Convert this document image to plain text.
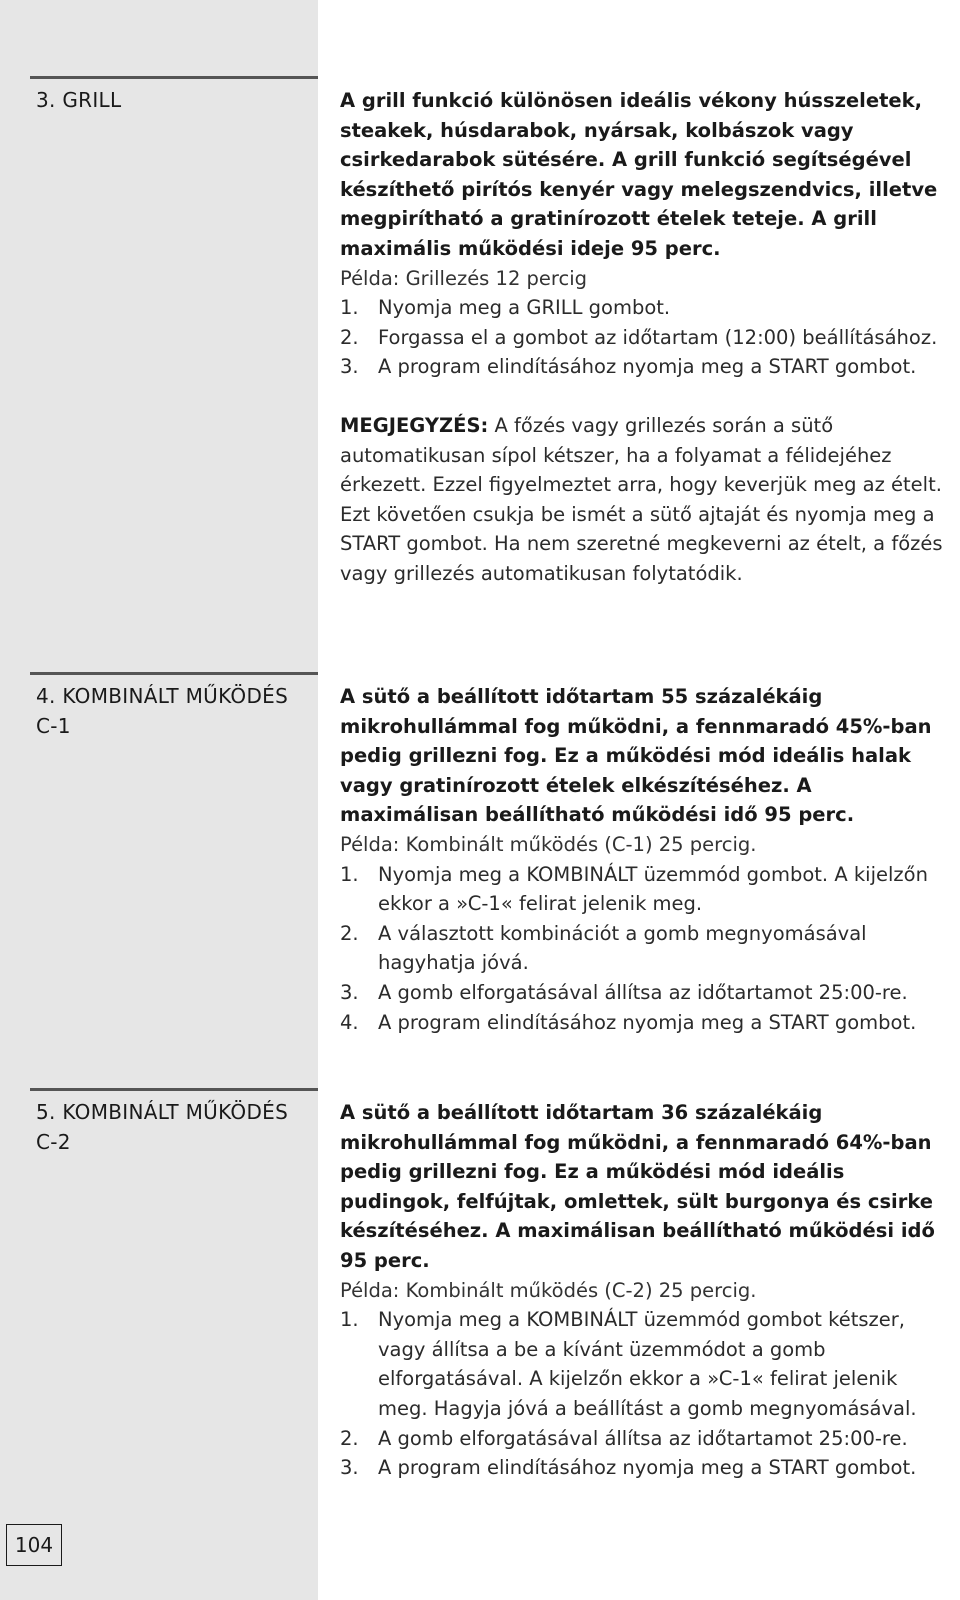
3. GRILL	A grill funkció különösen ideális vékony hússzeletek, steakek, húsdarabok, nyársak, kolbászok vagy csirkedarabok sütésére. A grill funkció segítségével készíthető pirítós kenyér vagy melegszendvics, illetve megpirítható a gratinírozott ételek teteje. A grill maximális működési ideje 95 perc.

Példa: Grillezés 12 percig

1. Nyomja meg a GRILL gombot.
2. Forgassa el a gombot az időtartam (12:00) beállításához.
3. A program elindításához nyomja meg a START gombot.

MEGJEGYZÉS: A főzés vagy grillezés során a sütő automatikusan sípol kétszer, ha a folyamat a félidejéhez érkezett. Ezzel figyelmeztet arra, hogy keverjük meg az ételt. Ezt követően csukja be ismét a sütő ajtaját és nyomja meg a START gombot. Ha nem szeretné megkeverni az ételt, a főzés vagy grillezés automatikusan folytatódik.

4. KOMBINÁLT MŰKÖDÉS C-1

A sütő a beállított időtartam 55 százalékáig mikrohullámmal fog működni, a fennmaradó 45%-ban pedig grillezni fog. Ez a működési mód ideális halak vagy gratinírozott ételek elkészítéséhez. A maximálisan beállítható működési idő 95 perc.

Példa: Kombinált működés (C-1) 25 percig.

1. Nyomja meg a KOMBINÁLT üzemmód gombot. A kijelzőn ekkor a »C-1« felirat jelenik meg.
2. A választott kombinációt a gomb megnyomásával hagyhatja jóvá.
3. A gomb elforgatásával állítsa az időtartamot 25:00-re.
4. A program elindításához nyomja meg a START gombot.
5. KOMBINÁLT MŰKÖDÉS C-2

A sütő a beállított időtartam 36 százalékáig mikrohullámmal fog működni, a fennmaradó 64%-ban pedig grillezni fog. Ez a működési mód ideális pudingok, felfújtak, omlettek, sült burgonya és csirke készítéséhez. A maximálisan beállítható működési idő 95 perc.

Példa: Kombinált működés (C-2) 25 percig.

1. Nyomja meg a KOMBINÁLT üzemmód gombot kétszer, vagy állítsa a be a kívánt üzemmódot a gomb elforgatásával. A kijelzőn ekkor a »C-1« felirat jelenik meg. Hagyja jóvá a beállítást a gomb megnyomásával.
2. A gomb elforgatásával állítsa az időtartamot 25:00-re.
3. A program elindításához nyomja meg a START gombot.
104
